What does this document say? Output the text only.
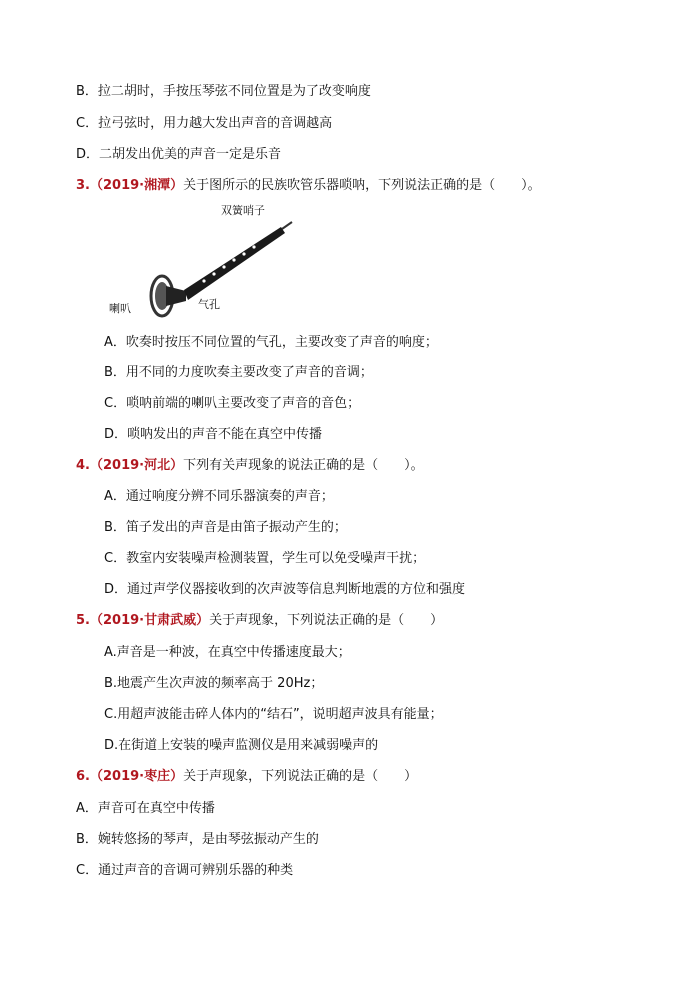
B．拉二胡时，手按压琴弦不同位置是为了改变响度
C．拉弓弦时，用力越大发出声音的音调越高
D．二胡发出优美的声音一定是乐音
3.（2019·湘潭）关于图所示的民族吹管乐器唢呐，下列说法正确的是（　　）。
双簧哨子
喇叭	气孔
A．吹奏时按压不同位置的气孔，主要改变了声音的响度；
B．用不同的力度吹奏主要改变了声音的音调；
C．唢呐前端的喇叭主要改变了声音的音色；
D．唢呐发出的声音不能在真空中传播
4.（2019·河北）下列有关声现象的说法正确的是（　　）。
A．通过响度分辨不同乐器演奏的声音；
B．笛子发出的声音是由笛子振动产生的；
C．教室内安装噪声检测装置，学生可以免受噪声干扰；
D．通过声学仪器接收到的次声波等信息判断地震的方位和强度
5.（2019·甘肃武威）关于声现象，下列说法正确的是（　　）
A.声音是一种波，在真空中传播速度最大；
B.地震产生次声波的频率高于 20Hz；
C.用超声波能击碎人体内的“结石”，说明超声波具有能量；
D.在街道上安装的噪声监测仪是用来减弱噪声的
6.（2019·枣庄）关于声现象，下列说法正确的是（　　）
A．声音可在真空中传播
B．婉转悠扬的琴声，是由琴弦振动产生的
C．通过声音的音调可辨别乐器的种类
